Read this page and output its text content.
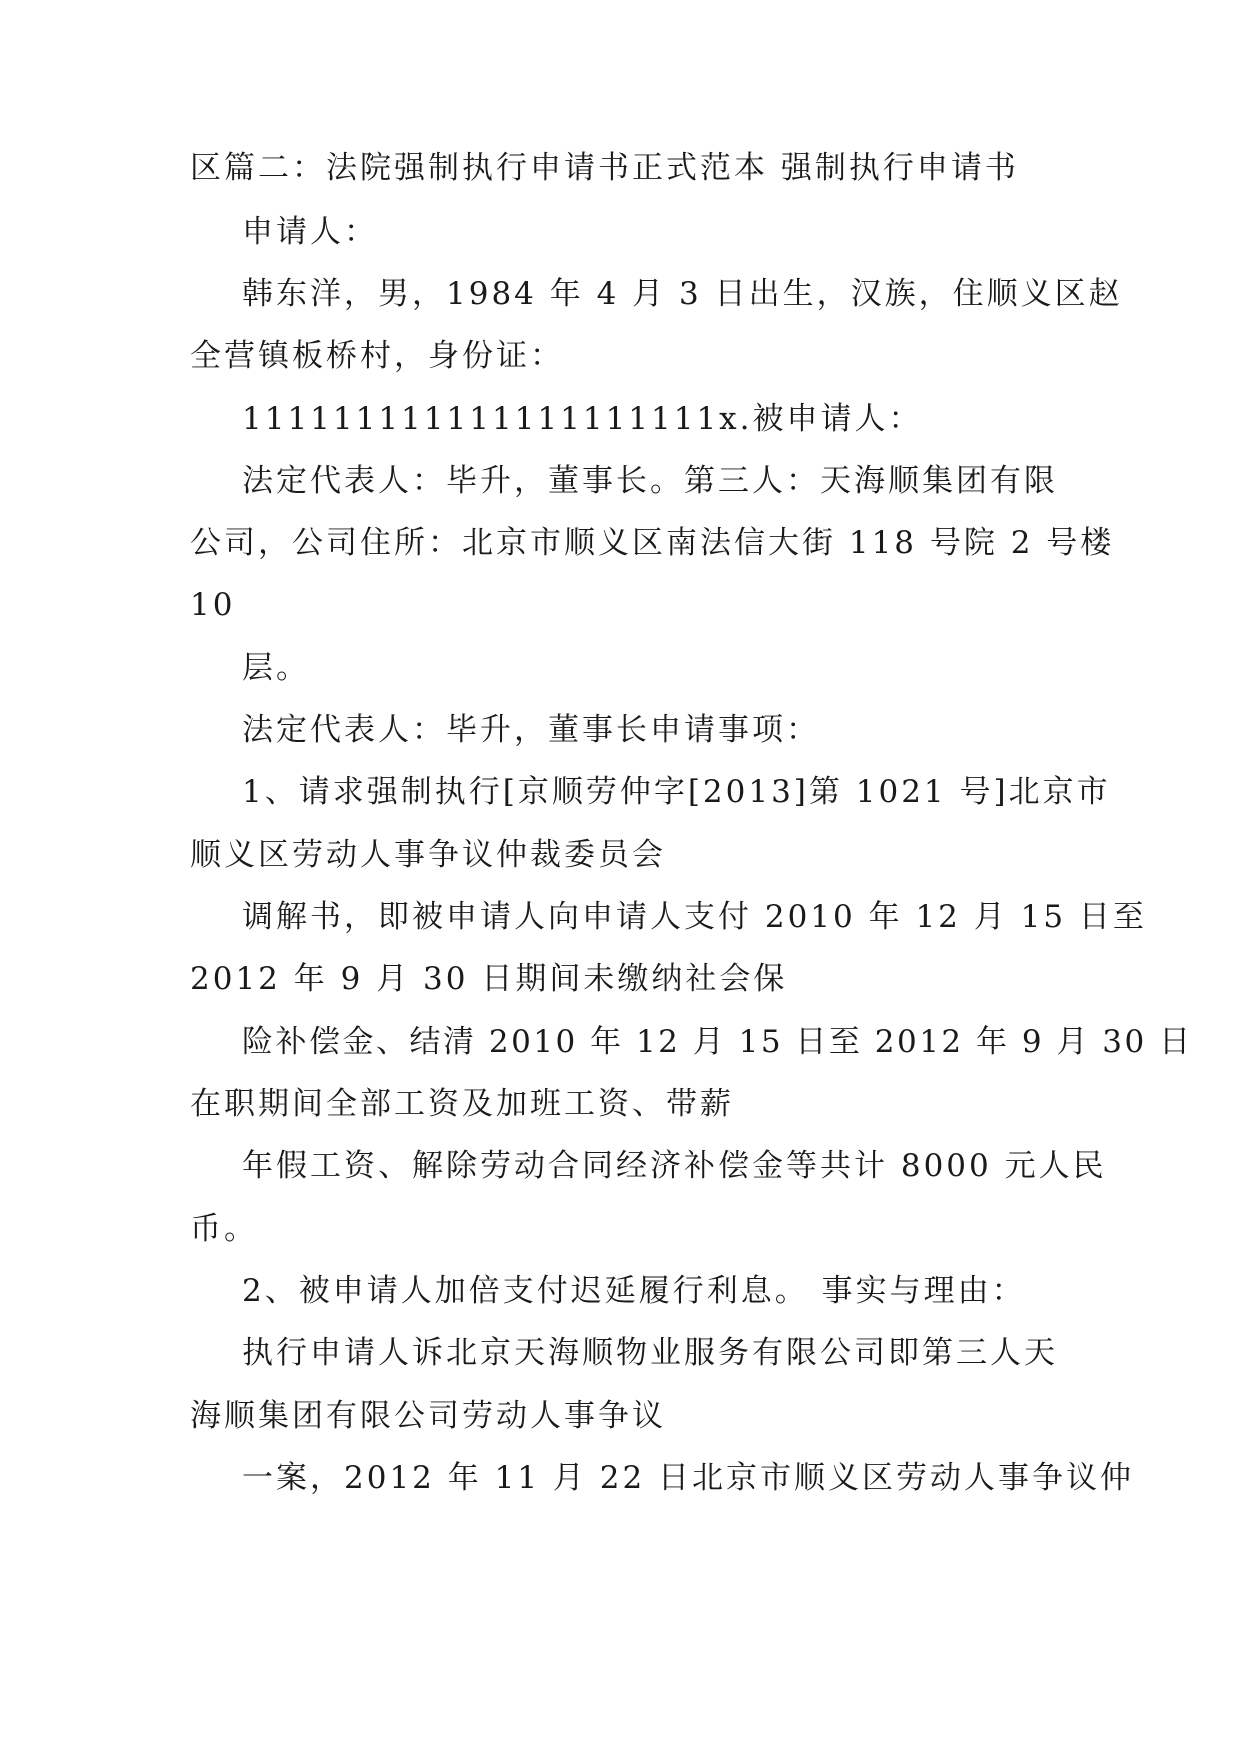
区篇二：法院强制执行申请书正式范本 强制执行申请书
申请人：
韩东洋，男，1984 年 4 月 3 日出生，汉族，住顺义区赵
全营镇板桥村，身份证：
111111111111111111111x.被申请人：
法定代表人：毕升，董事长。第三人：天海顺集团有限
公司，公司住所：北京市顺义区南法信大街 118 号院 2 号楼
10
层。
法定代表人：毕升，董事长申请事项：
1、请求强制执行[京顺劳仲字[2013]第 1021 号]北京市
顺义区劳动人事争议仲裁委员会
调解书，即被申请人向申请人支付 2010 年 12 月 15 日至
2012 年 9 月 30 日期间未缴纳社会保
险补偿金、结清 2010 年 12 月 15 日至 2012 年 9 月 30 日
在职期间全部工资及加班工资、带薪
年假工资、解除劳动合同经济补偿金等共计 8000 元人民
币。
2、被申请人加倍支付迟延履行利息。 事实与理由：
执行申请人诉北京天海顺物业服务有限公司即第三人天
海顺集团有限公司劳动人事争议
一案，2012 年 11 月 22 日北京市顺义区劳动人事争议仲
